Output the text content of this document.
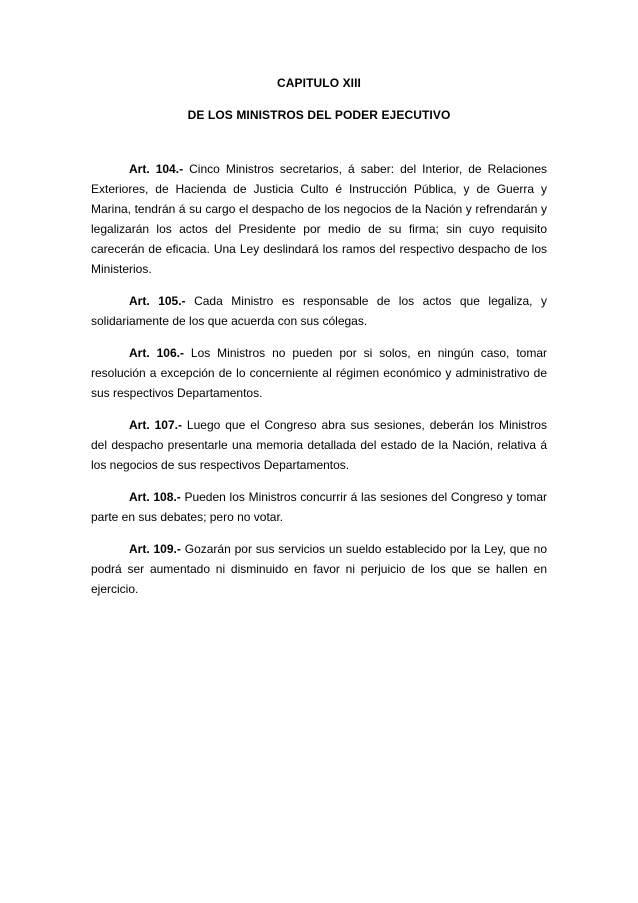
CAPITULO XIII
DE LOS MINISTROS DEL PODER EJECUTIVO

Art. 104.- Cinco Ministros secretarios, á saber: del Interior, de Relaciones Exteriores, de Hacienda de Justicia Culto é Instrucción Pública, y de Guerra y Marina, tendrán á su cargo el despacho de los negocios de la Nación y refrendarán y legalizarán los actos del Presidente por medio de su firma; sin cuyo requisito carecerán de eficacia. Una Ley deslindará los ramos del respectivo despacho de los Ministerios.

Art. 105.- Cada Ministro es responsable de los actos que legaliza, y solidariamente de los que acuerda con sus cólegas.

Art. 106.- Los Ministros no pueden por si solos, en ningún caso, tomar resolución a excepción de lo concerniente al régimen económico y administrativo de sus respectivos Departamentos.

Art. 107.- Luego que el Congreso abra sus sesiones, deberán los Ministros del despacho presentarle una memoria detallada del estado de la Nación, relativa á los negocios de sus respectivos Departamentos.

Art. 108.- Pueden los Ministros concurrir á las sesiones del Congreso y tomar parte en sus debates; pero no votar.

Art. 109.- Gozarán por sus servicios un sueldo establecido por la Ley, que no podrá ser aumentado ni disminuido en favor ni perjuicio de los que se hallen en ejercicio.
